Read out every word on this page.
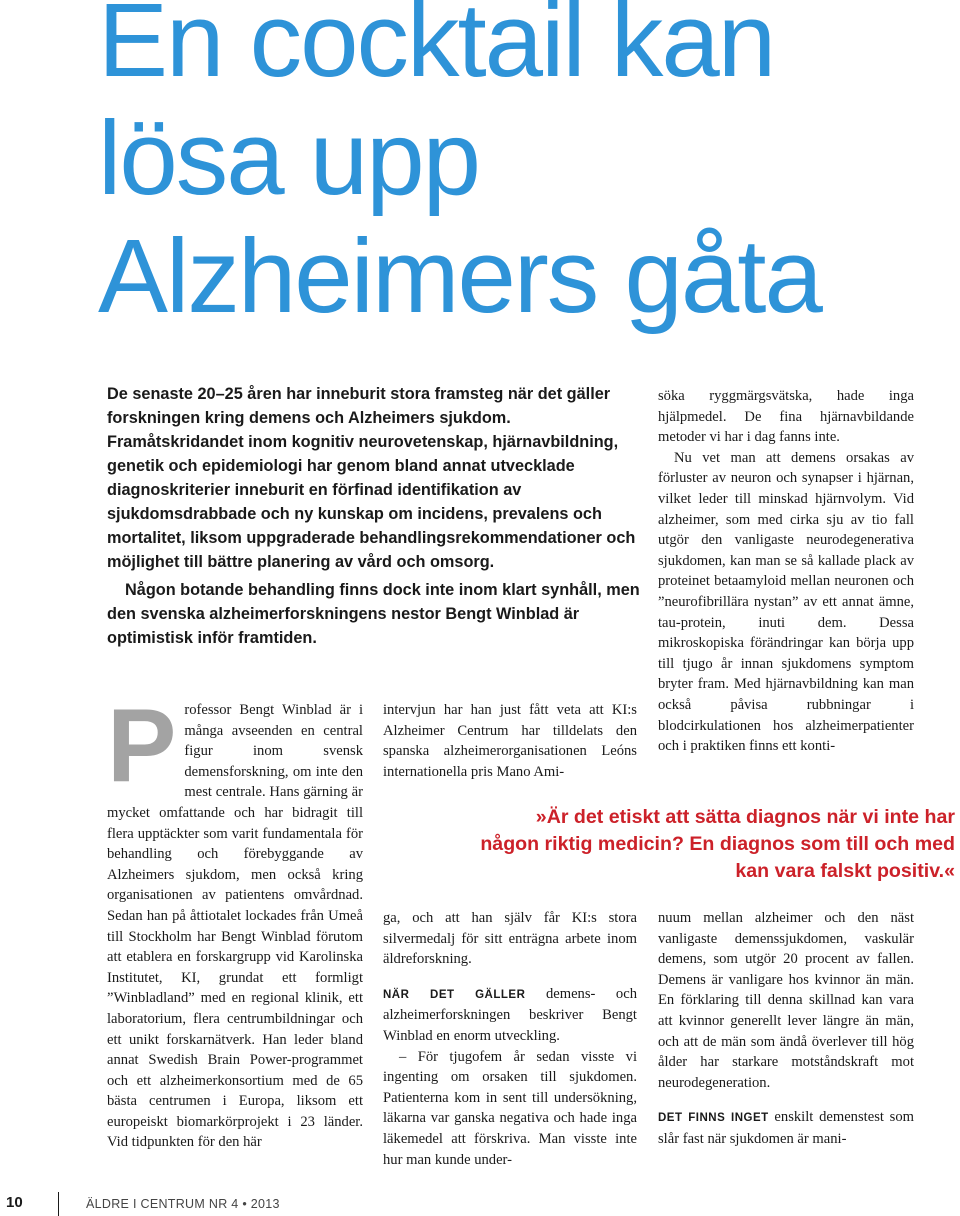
En cocktail kan
lösa upp
Alzheimers gåta

De senaste 20–25 åren har inneburit stora framsteg när det gäller forskningen kring demens och Alzheimers sjukdom. Framåtskridandet inom kognitiv neurovetenskap, hjärnavbildning, genetik och epidemiologi har genom bland annat utvecklade diagnoskriterier inneburit en förfinad identifikation av sjukdomsdrabbade och ny kunskap om incidens, prevalens och mortalitet, liksom uppgraderade behandlingsrekommendationer och möjlighet till bättre planering av vård och omsorg.

Någon botande behandling finns dock inte inom klart synhåll, men den svenska alzheimerforskningens nestor Bengt Winblad är optimistisk inför framtiden.

Professor Bengt Winblad är i många avseenden en central figur inom svensk demensforskning, om inte den mest centrale. Hans gärning är mycket omfattande och har bidragit till flera upptäckter som varit fundamentala för behandling och förebyggande av Alzheimers sjukdom, men också kring organisationen av patientens omvårdnad. Sedan han på åttiotalet lockades från Umeå till Stockholm har Bengt Winblad förutom att etablera en forskargrupp vid Karolinska Institutet, KI, grundat ett formligt ”Winbladland” med en regional klinik, ett laboratorium, flera centrumbildningar och ett unikt forskarnätverk. Han leder bland annat Swedish Brain Power-programmet och ett alzheimerkonsortium med de 65 bästa centrumen i Europa, liksom ett europeiskt biomarkörprojekt i 23 länder. Vid tidpunkten för den här

intervjun har han just fått veta att KI:s Alzheimer Centrum har tilldelats den spanska alzheimerorganisationen Leóns internationella pris Mano Ami-

»Är det etiskt att sätta diagnos när vi inte har
någon riktig medicin? En diagnos som till och med
kan vara falskt positiv.«

ga, och att han själv får KI:s stora silvermedalj för sitt enträgna arbete inom äldreforskning.

NÄR DET GÄLLER demens- och alzheimerforskningen beskriver Bengt Winblad en enorm utveckling.

– För tjugofem år sedan visste vi ingenting om orsaken till sjukdomen. Patienterna kom in sent till undersökning, läkarna var ganska negativa och hade inga läkemedel att förskriva. Man visste inte hur man kunde under-

söka ryggmärgsvätska, hade inga hjälpmedel. De fina hjärnavbildande metoder vi har i dag fanns inte.

Nu vet man att demens orsakas av förluster av neuron och synapser i hjärnan, vilket leder till minskad hjärnvolym. Vid alzheimer, som med cirka sju av tio fall utgör den vanligaste neurodegenerativa sjukdomen, kan man se så kallade plack av proteinet betaamyloid mellan neuronen och ”neurofibrillära nystan” av ett annat ämne, tau-protein, inuti dem. Dessa mikroskopiska förändringar kan börja upp till tjugo år innan sjukdomens symptom bryter fram. Med hjärnavbildning kan man också påvisa rubbningar i blodcirkulationen hos alzheimerpatienter och i praktiken finns ett konti-

nuum mellan alzheimer och den näst vanligaste demenssjukdomen, vaskulär demens, som utgör 20 procent av fallen. Demens är vanligare hos kvinnor än män. En förklaring till denna skillnad kan vara att kvinnor generellt lever längre än män, och att de män som ändå överlever till hög ålder har starkare motståndskraft mot neurodegeneration.

DET FINNS INGET enskilt demenstest som slår fast när sjukdomen är mani-

10	ÄLDRE I CENTRUM NR 4 • 2013
